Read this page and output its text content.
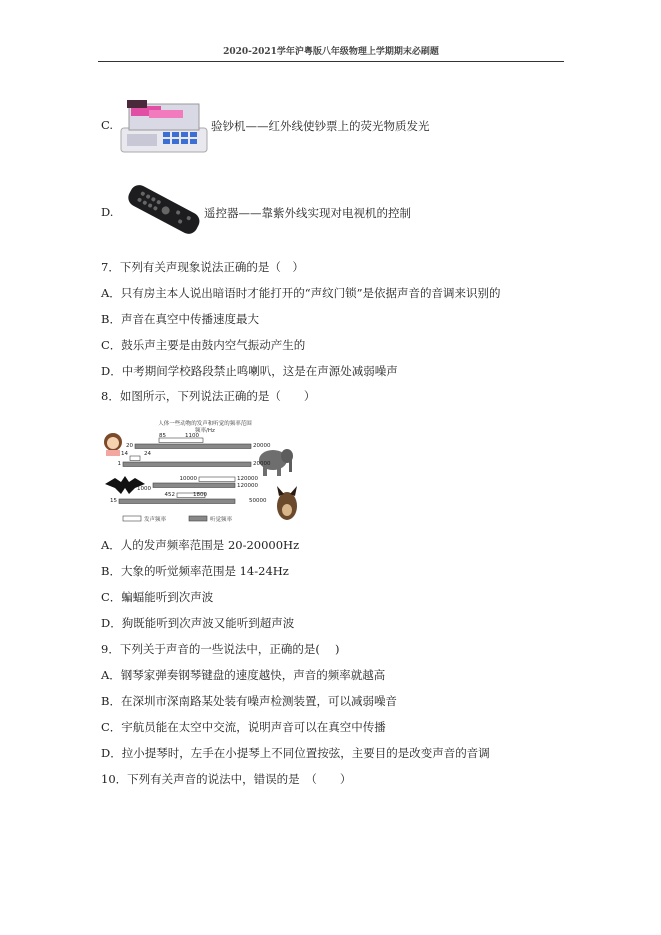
2020-2021学年沪粤版八年级物理上学期期末必刷题
C.	验钞机——红外线使钞票上的荧光物质发光
D.	遥控器——靠紫外线实现对电视机的控制
7．下列有关声现象说法正确的是（　）
A．只有房主本人说出暗语时才能打开的“声纹门锁”是依据声音的音调来识别的
B．声音在真空中传播速度最大
C．鼓乐声主要是由鼓内空气振动产生的
D．中考期间学校路段禁止鸣喇叭，这是在声源处减弱噪声
8．如图所示，下列说法正确的是（　　）
人体一些动物的发声和听觉的频率范围
频率/Hz
85	1100
20	20000
14	24
1	20000
10000	120000
1000	120000
452	1800
15	50000
发声频率	听觉频率
A．人的发声频率范围是 20-20000Hz
B．大象的听觉频率范围是 14-24Hz
C．蝙蝠能听到次声波
D．狗既能听到次声波又能听到超声波
9．下列关于声音的一些说法中，正确的是(　 )
A．钢琴家弹奏钢琴键盘的速度越快，声音的频率就越高
B．在深圳市深南路某处装有噪声检测装置，可以减弱噪音
C．宇航员能在太空中交流，说明声音可以在真空中传播
D．拉小提琴时，左手在小提琴上不同位置按弦，主要目的是改变声音的音调
10．下列有关声音的说法中，错误的是　（　　）
